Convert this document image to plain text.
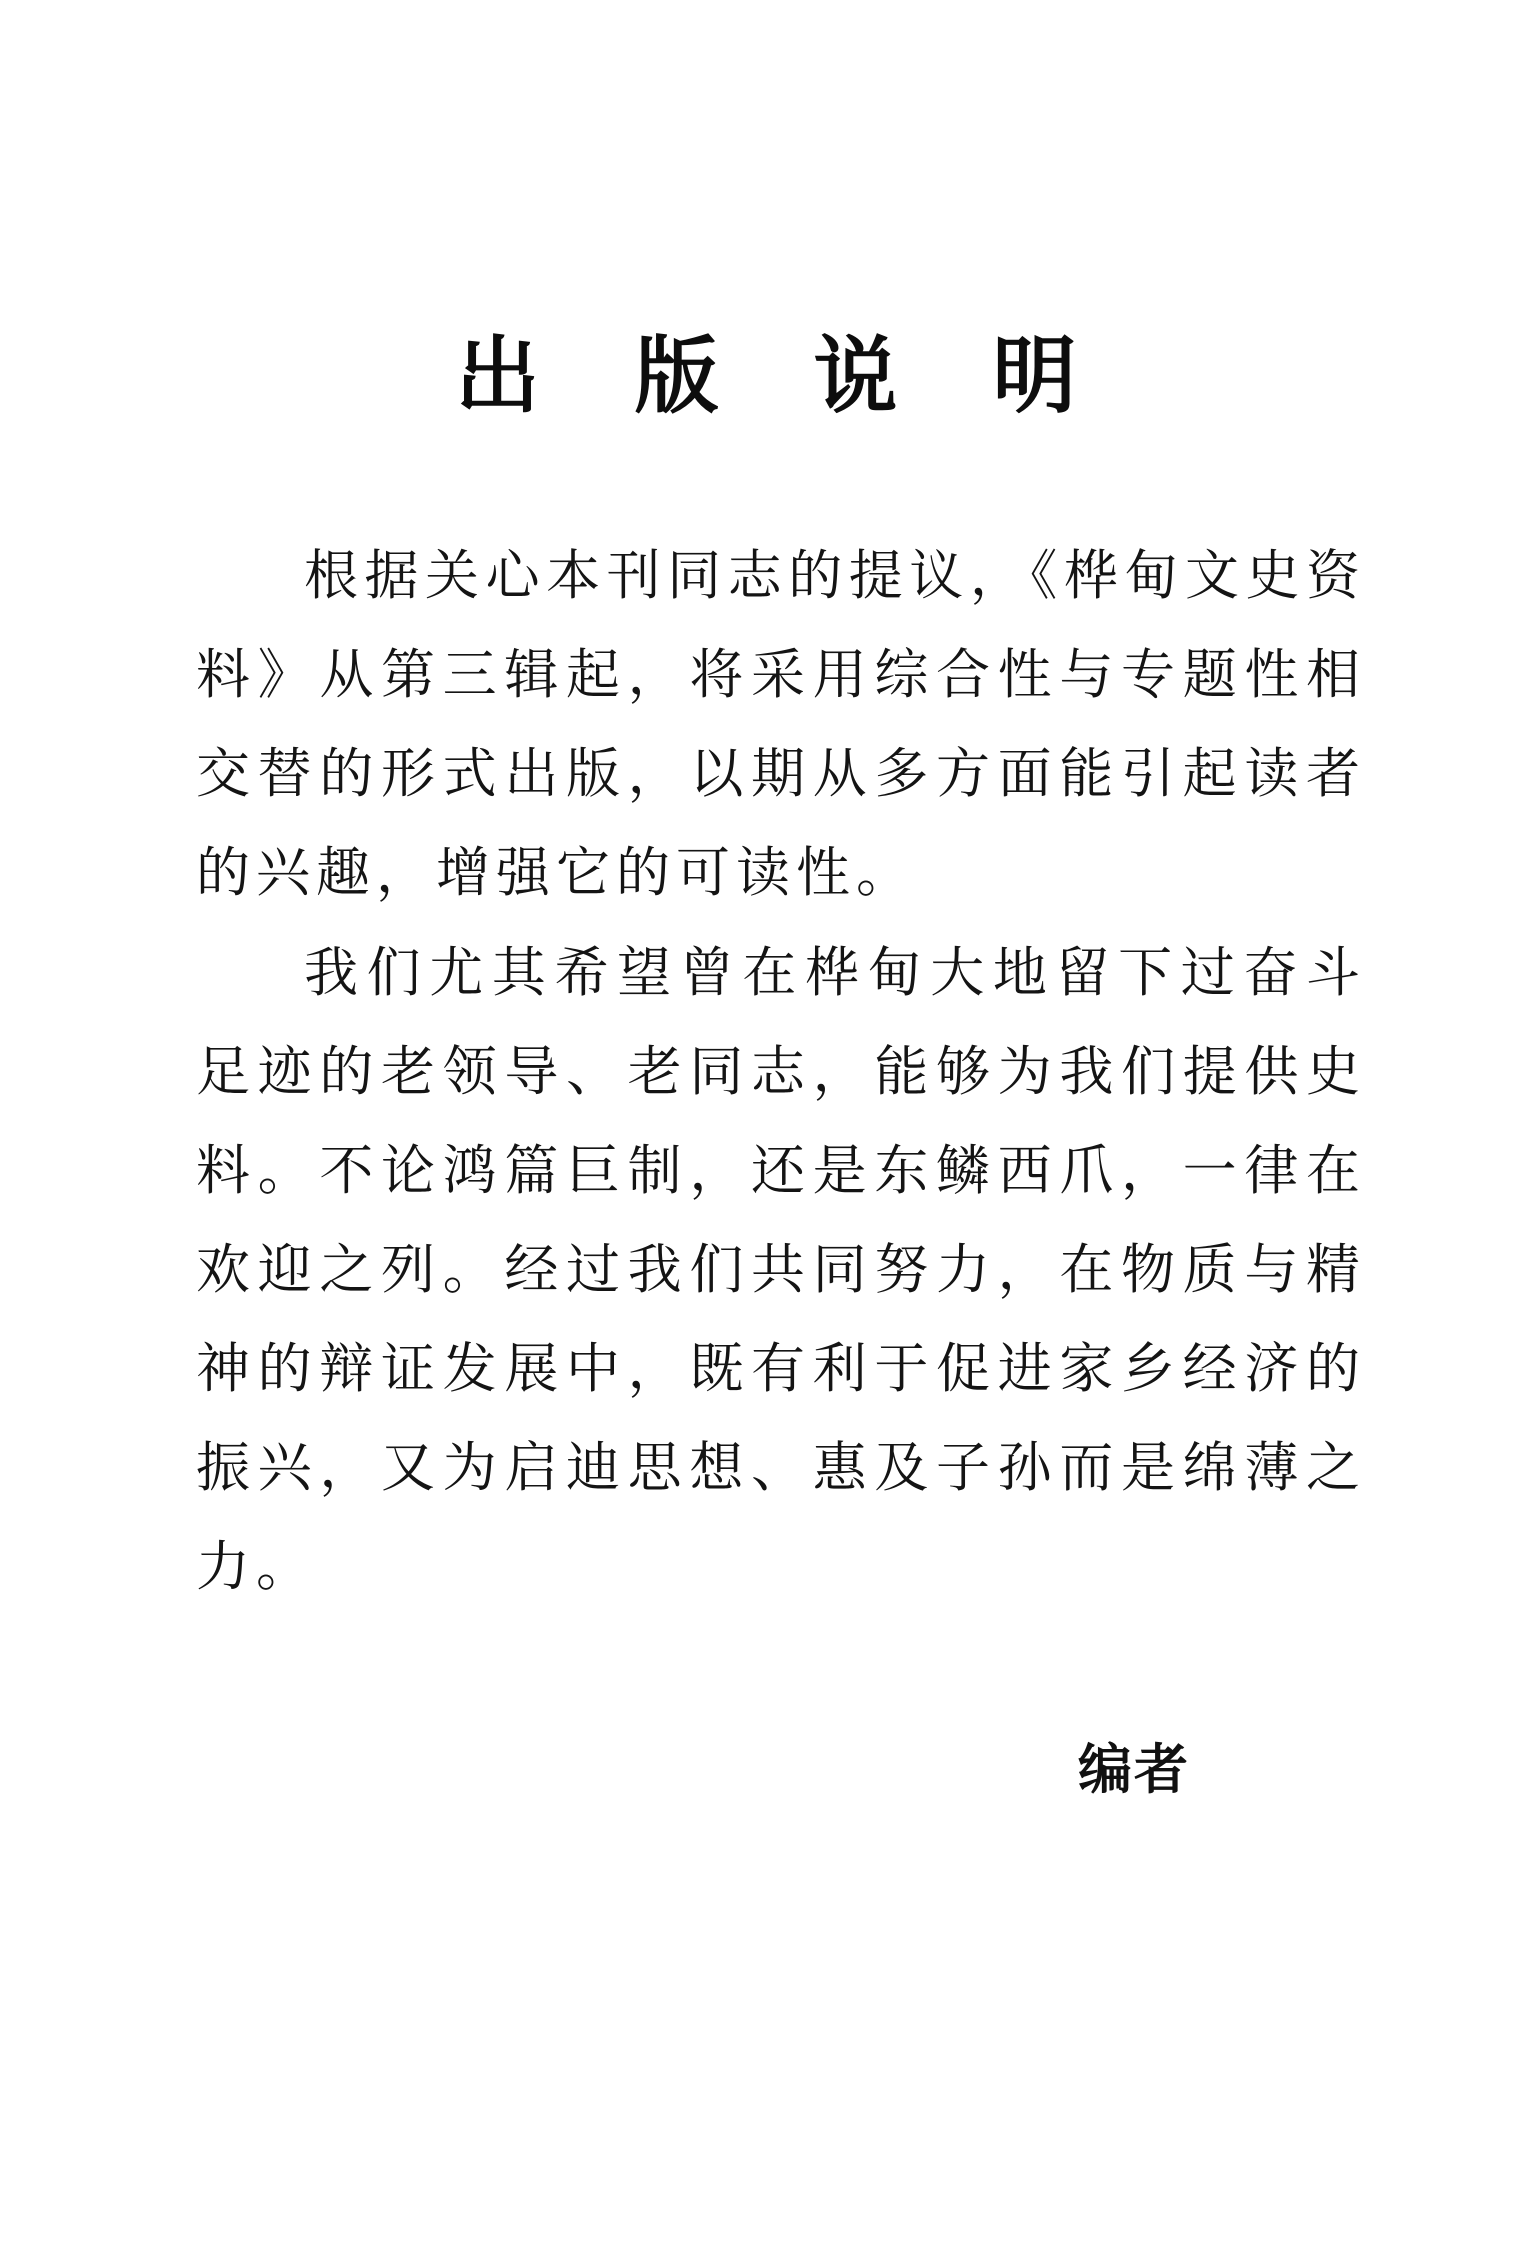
出版说明

根据关心本刊同志的提议，《桦甸文史资料》从第三辑起，将采用综合性与专题性相交替的形式出版，以期从多方面能引起读者的兴趣，增强它的可读性。

我们尤其希望曾在桦甸大地留下过奋斗足迹的老领导、老同志，能够为我们提供史料。不论鸿篇巨制，还是东鳞西爪，一律在欢迎之列。经过我们共同努力，在物质与精神的辩证发展中，既有利于促进家乡经济的振兴，又为启迪思想、惠及子孙而是绵薄之力。

编者
